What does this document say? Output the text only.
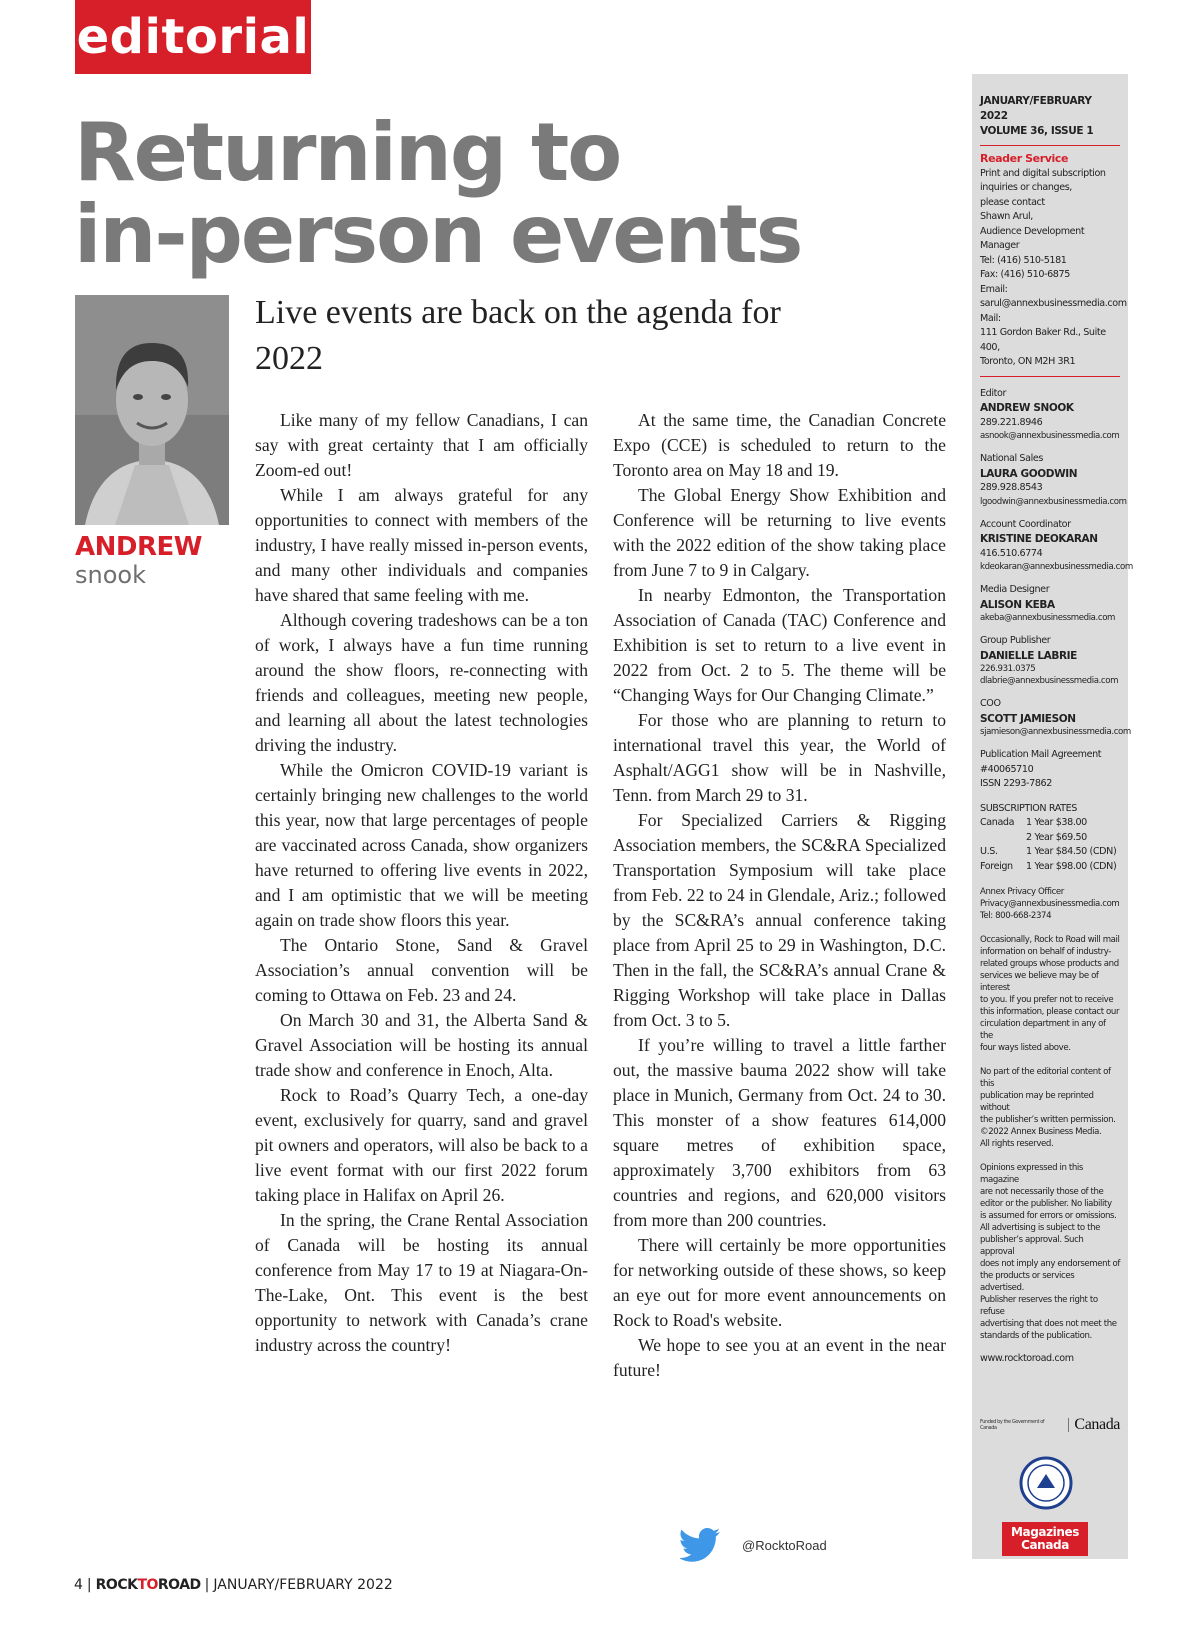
editorial
Returning to
in-person events
ANDREW
snook
Live events are back on the agenda for 2022

Like many of my fellow Canadians, I can say with great certainty that I am officially Zoom-ed out!

While I am always grateful for any opportunities to connect with members of the industry, I have really missed in-person events, and many other individuals and companies have shared that same feeling with me.

Although covering tradeshows can be a ton of work, I always have a fun time running around the show floors, re-connecting with friends and colleagues, meeting new people, and learning all about the latest technologies driving the industry.

While the Omicron COVID-19 variant is certainly bringing new challenges to the world this year, now that large percentages of people are vaccinated across Canada, show organizers have returned to offering live events in 2022, and I am optimistic that we will be meeting again on trade show floors this year.

The Ontario Stone, Sand & Gravel Association’s annual convention will be coming to Ottawa on Feb. 23 and 24.

On March 30 and 31, the Alberta Sand & Gravel Association will be hosting its annual trade show and conference in Enoch, Alta.

Rock to Road’s Quarry Tech, a one-day event, exclusively for quarry, sand and gravel pit owners and operators, will also be back to a live event format with our first 2022 forum taking place in Halifax on April 26.

In the spring, the Crane Rental Association of Canada will be hosting its annual conference from May 17 to 19 at Niagara-On-The-Lake, Ont. This event is the best opportunity to network with Canada’s crane industry across the country!

At the same time, the Canadian Concrete Expo (CCE) is scheduled to return to the Toronto area on May 18 and 19.

The Global Energy Show Exhibition and Conference will be returning to live events with the 2022 edition of the show taking place from June 7 to 9 in Calgary.

In nearby Edmonton, the Transportation Association of Canada (TAC) Conference and Exhibition is set to return to a live event in 2022 from Oct. 2 to 5. The theme will be “Changing Ways for Our Changing Climate.”

For those who are planning to return to international travel this year, the World of Asphalt/AGG1 show will be in Nashville, Tenn. from March 29 to 31.

For Specialized Carriers & Rigging Association members, the SC&RA Specialized Transportation Symposium will take place from Feb. 22 to 24 in Glendale, Ariz.; followed by the SC&RA’s annual conference taking place from April 25 to 29 in Washington, D.C. Then in the fall, the SC&RA’s annual Crane & Rigging Workshop will take place in Dallas from Oct. 3 to 5.

If you’re willing to travel a little farther out, the massive bauma 2022 show will take place in Munich, Germany from Oct. 24 to 30. This monster of a show features 614,000 square metres of exhibition space, approximately 3,700 exhibitors from 63 countries and regions, and 620,000 visitors from more than 200 countries.

There will certainly be more opportunities for networking outside of these shows, so keep an eye out for more event announcements on Rock to Road's website.

We hope to see you at an event in the near future!

JANUARY/FEBRUARY 2022
VOLUME 36, ISSUE 1
Reader Service
Print and digital subscription
inquiries or changes,
please contact
Shawn Arul,
Audience Development Manager
Tel: (416) 510-5181
Fax: (416) 510-6875
Email:
sarul@annexbusinessmedia.com
Mail:
111 Gordon Baker Rd., Suite 400,
Toronto, ON M2H 3R1
Editor
ANDREW SNOOK
289.221.8946
asnook@annexbusinessmedia.com
National Sales
LAURA GOODWIN
289.928.8543
lgoodwin@annexbusinessmedia.com
Account Coordinator
KRISTINE DEOKARAN
416.510.6774
kdeokaran@annexbusinessmedia.com
Media Designer
ALISON KEBA
akeba@annexbusinessmedia.com
Group Publisher
DANIELLE LABRIE
226.931.0375
dlabrie@annexbusinessmedia.com
COO
SCOTT JAMIESON
sjamieson@annexbusinessmedia.com
Publication Mail Agreement
#40065710
ISSN 2293-7862
SUBSCRIPTION RATES
Canada	1 Year $38.00
2 Year $69.50
U.S.	1 Year $84.50 (CDN)
Foreign	1 Year $98.00 (CDN)
Annex Privacy Officer
Privacy@annexbusinessmedia.com
Tel: 800-668-2374
Occasionally, Rock to Road will mail
information on behalf of industry-
related groups whose products and
services we believe may be of interest
to you. If you prefer not to receive
this information, please contact our
circulation department in any of the
four ways listed above.
No part of the editorial content of this
publication may be reprinted without
the publisher’s written permission.
©2022 Annex Business Media.
All rights reserved.
Opinions expressed in this magazine
are not necessarily those of the
editor or the publisher. No liability
is assumed for errors or omissions.
All advertising is subject to the
publisher’s approval. Such approval
does not imply any endorsement of
the products or services advertised.
Publisher reserves the right to refuse
advertising that does not meet the
standards of the publication.
www.rocktoroad.com
Funded by the Government of Canada	Canada
Magazines
Canada
@RocktoRoad
4 | ROCKTOROAD | JANUARY/FEBRUARY 2022
